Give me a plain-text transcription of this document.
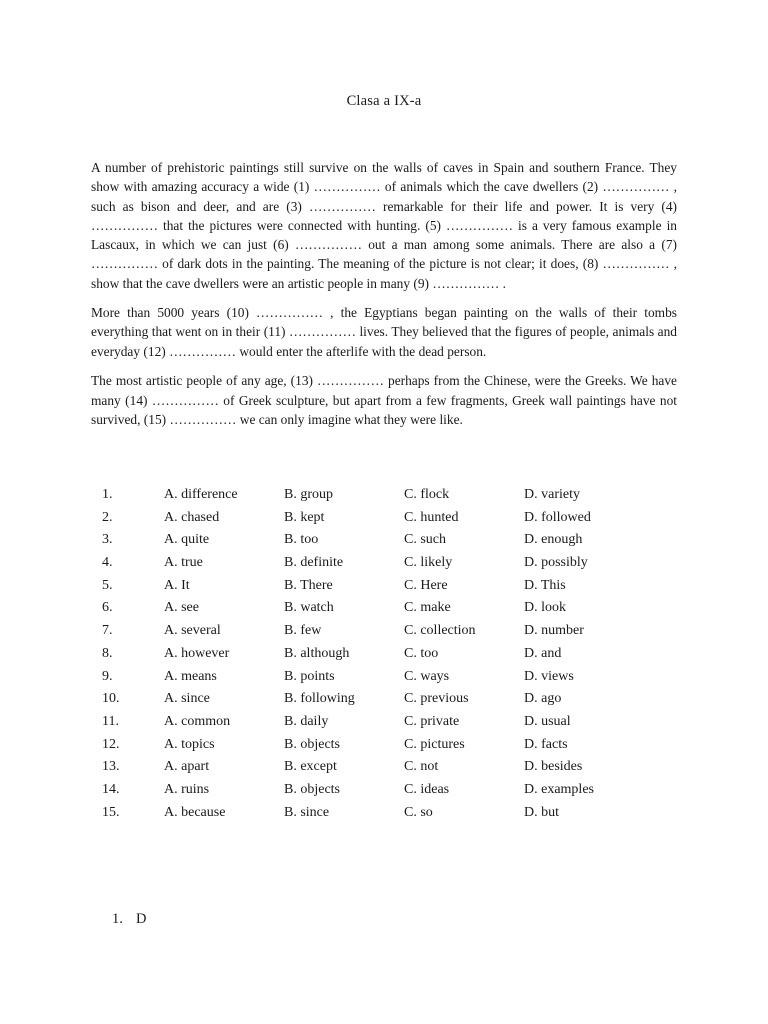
Clasa a IX-a

A number of prehistoric paintings still survive on the walls of caves in Spain and southern France. They show with amazing accuracy a wide (1) …………… of animals which the cave dwellers (2) …………… , such as bison and deer, and are (3) …………… remarkable for their life and power. It is very (4) …………… that the pictures were connected with hunting. (5) …………… is a very famous example in Lascaux, in which we can just (6) …………… out a man among some animals. There are also a (7) …………… of dark dots in the painting. The meaning of the picture is not clear; it does, (8) …………… , show that the cave dwellers were an artistic people in many (9) …………… .

More than 5000 years (10) …………… , the Egyptians began painting on the walls of their tombs everything that went on in their (11) …………… lives. They believed that the figures of people, animals and everyday (12) …………… would enter the afterlife with the dead person.

The most artistic people of any age, (13) …………… perhaps from the Chinese, were the Greeks. We have many (14) …………… of Greek sculpture, but apart from a few fragments, Greek wall paintings have not survived, (15) …………… we can only imagine what they were like.

1.	A. difference	B. group	C. flock	D. variety
2.	A. chased	B. kept	C. hunted	D. followed
3.	A. quite	B. too	C. such	D. enough
4.	A. true	B. definite	C. likely	D. possibly
5.	A. It	B. There	C. Here	D. This
6.	A. see	B. watch	C. make	D. look
7.	A. several	B. few	C. collection	D. number
8.	A. however	B. although	C. too	D. and
9.	A. means	B. points	C. ways	D. views
10.	A. since	B. following	C. previous	D. ago
11.	A. common	B. daily	C. private	D. usual
12.	A. topics	B. objects	C. pictures	D. facts
13.	A. apart	B. except	C. not	D. besides
14.	A. ruins	B. objects	C. ideas	D. examples
15.	A. because	B. since	C. so	D. but
1. D
